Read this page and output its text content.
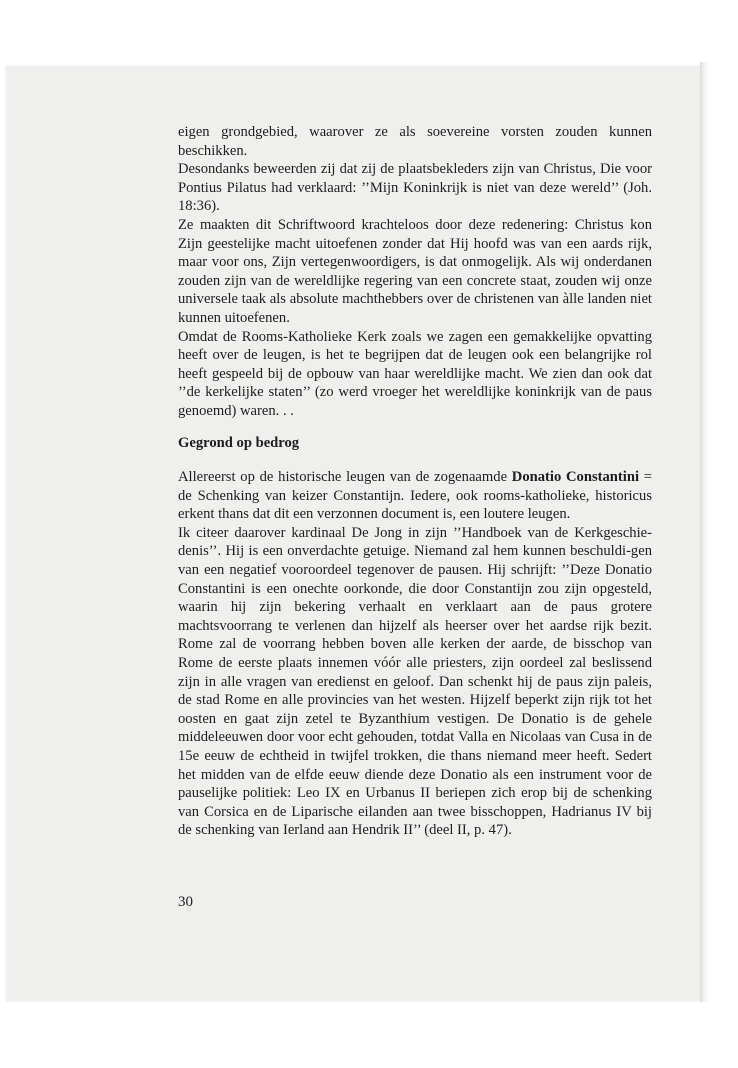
eigen grondgebied, waarover ze als soevereine vorsten zouden kunnen beschikken.

Desondanks beweerden zij dat zij de plaatsbekleders zijn van Christus, Die voor Pontius Pilatus had verklaard: ’’Mijn Koninkrijk is niet van deze wereld’’ (Joh. 18:36).

Ze maakten dit Schriftwoord krachteloos door deze redenering: Christus kon Zijn geestelijke macht uitoefenen zonder dat Hij hoofd was van een aards rijk, maar voor ons, Zijn vertegenwoordigers, is dat onmogelijk. Als wij onderdanen zouden zijn van de wereldlijke regering van een concrete staat, zouden wij onze universele taak als absolute machthebbers over de christenen van àlle landen niet kunnen uitoefenen.

Omdat de Rooms-Katholieke Kerk zoals we zagen een gemakkelijke opvatting heeft over de leugen, is het te begrijpen dat de leugen ook een belangrijke rol heeft gespeeld bij de opbouw van haar wereldlijke macht. We zien dan ook dat ’’de kerkelijke staten’’ (zo werd vroeger het wereldlijke koninkrijk van de paus genoemd) waren. . .

Gegrond op bedrog

Allereerst op de historische leugen van de zogenaamde Donatio Constantini = de Schenking van keizer Constantijn. Iedere, ook rooms-katholieke, historicus erkent thans dat dit een verzonnen document is, een loutere leugen.

Ik citeer daarover kardinaal De Jong in zijn ’’Handboek van de Kerkgeschie-denis’’. Hij is een onverdachte getuige. Niemand zal hem kunnen beschuldi-gen van een negatief vooroordeel tegenover de pausen. Hij schrijft: ’’Deze Donatio Constantini is een onechte oorkonde, die door Constantijn zou zijn opgesteld, waarin hij zijn bekering verhaalt en verklaart aan de paus grotere machtsvoorrang te verlenen dan hijzelf als heerser over het aardse rijk bezit. Rome zal de voorrang hebben boven alle kerken der aarde, de bisschop van Rome de eerste plaats innemen vóór alle priesters, zijn oordeel zal beslissend zijn in alle vragen van eredienst en geloof. Dan schenkt hij de paus zijn paleis, de stad Rome en alle provincies van het westen. Hijzelf beperkt zijn rijk tot het oosten en gaat zijn zetel te Byzanthium vestigen. De Donatio is de gehele middeleeuwen door voor echt gehouden, totdat Valla en Nicolaas van Cusa in de 15e eeuw de echtheid in twijfel trokken, die thans niemand meer heeft. Sedert het midden van de elfde eeuw diende deze Donatio als een instrument voor de pauselijke politiek: Leo IX en Urbanus II beriepen zich erop bij de schenking van Corsica en de Liparische eilanden aan twee bisschoppen, Hadrianus IV bij de schenking van Ierland aan Hendrik II’’ (deel II, p. 47).

30
